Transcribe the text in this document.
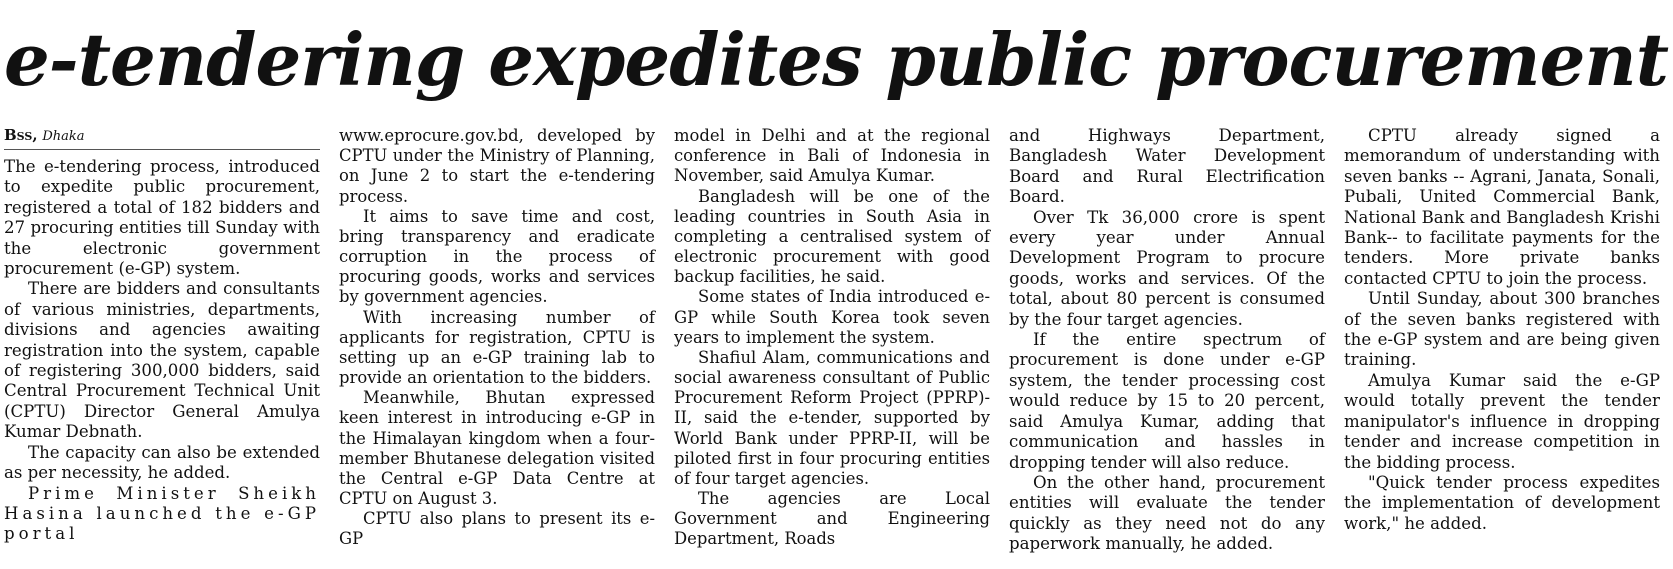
e-tendering expedites public procurement
Bss, Dhaka

The e-tendering process, introduced to expedite public procurement, registered a total of 182 bidders and 27 procuring entities till Sunday with the electronic government procurement (e-GP) system.

There are bidders and consultants of various ministries, departments, divisions and agencies awaiting registration into the system, capable of registering 300,000 bidders, said Central Procurement Technical Unit (CPTU) Director General Amulya Kumar Debnath.

The capacity can also be extended as per necessity, he added.

Prime Minister Sheikh Hasina launched the e-GP portal

www.eprocure.gov.bd, developed by CPTU under the Ministry of Planning, on June 2 to start the e-tendering process.

It aims to save time and cost, bring transparency and eradicate corruption in the process of procuring goods, works and services by government agencies.

With increasing number of applicants for registration, CPTU is setting up an e-GP training lab to provide an orientation to the bidders.

Meanwhile, Bhutan expressed keen interest in introducing e-GP in the Himalayan kingdom when a four-member Bhutanese delegation visited the Central e-GP Data Centre at CPTU on August 3.

CPTU also plans to present its e-GP

model in Delhi and at the regional conference in Bali of Indonesia in November, said Amulya Kumar.

Bangladesh will be one of the leading countries in South Asia in completing a centralised system of electronic procurement with good backup facilities, he said.

Some states of India introduced e-GP while South Korea took seven years to implement the system.

Shafiul Alam, communications and social awareness consultant of Public Procurement Reform Project (PPRP)-II, said the e-tender, supported by World Bank under PPRP-II, will be piloted first in four procuring entities of four target agencies.

The agencies are Local Government and Engineering Department, Roads

and Highways Department, Bangladesh Water Development Board and Rural Electrification Board.

Over Tk 36,000 crore is spent every year under Annual Development Program to procure goods, works and services. Of the total, about 80 percent is consumed by the four target agencies.

If the entire spectrum of procurement is done under e-GP system, the tender processing cost would reduce by 15 to 20 percent, said Amulya Kumar, adding that communication and hassles in dropping tender will also reduce.

On the other hand, procurement entities will evaluate the tender quickly as they need not do any paperwork manually, he added.

CPTU already signed a memorandum of understanding with seven banks -- Agrani, Janata, Sonali, Pubali, United Commercial Bank, National Bank and Bangladesh Krishi Bank-- to facilitate payments for the tenders. More private banks contacted CPTU to join the process.

Until Sunday, about 300 branches of the seven banks registered with the e-GP system and are being given training.

Amulya Kumar said the e-GP would totally prevent the tender manipulator's influence in dropping tender and increase competition in the bidding process.

"Quick tender process expedites the implementation of development work," he added.
